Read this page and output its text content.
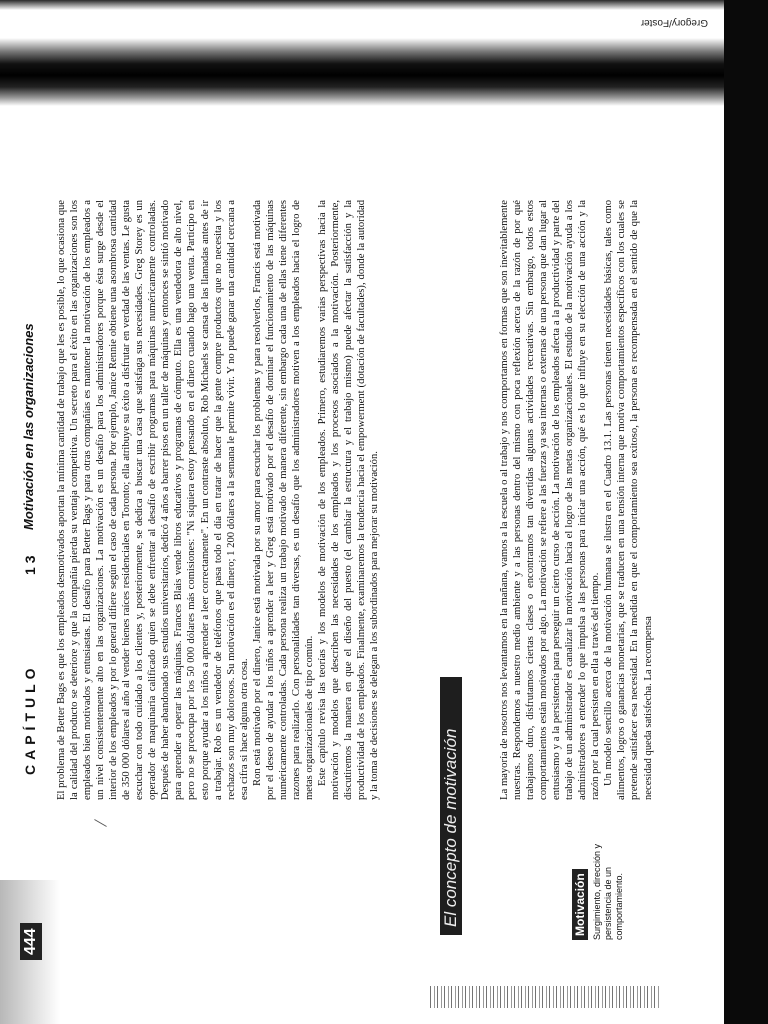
Gregory/Foster
444
CAPÍTULO
13
Motivación en las organizaciones El problema de Better Bags es que los empleados desmotivados aportan la mínima cantidad de trabajo que les es posible, lo que ocasiona que la calidad del producto se deteriore y que la compañía pierda su ventaja competitiva. Un secreto para el éxito en las organizaciones son los empleados bien motivados y entusiastas. El desafío para Better Bags y para otras compañías es mantener la motivación de los empleados a un nivel consistentemente alto en las organizaciones. La motivación es un desafío para los administradores porque ésta surge desde el interior de los empleados y por lo general difiere según el caso de cada persona. Por ejemplo, Janice Rennie obtiene una asombrosa cantidad de 350 000 dólares al año al vender bienes raíces residenciales en Toronto; ella atribuye su éxito a disfrutar en verdad de las ventas. Le gusta escuchar con todo cuidado a los clientes y, posteriormente, se dedica a buscar una casa que satisfaga sus necesidades. Greg Storey es un operador de maquinaria calificado quien se debe enfrentar al desafío de escribir programas para máquinas numéricamente controladas. Después de haber abandonado sus estudios universitarios, dedicó 4 años a barrer pisos en un taller de máquinas y entonces se sintió motivado para aprender a operar las máquinas. Frances Blais vende libros educativos y programas de cómputo. Ella es una vendedora de alto nivel, pero no se preocupa por los 50 000 dólares más comisiones: "Ni siquiera estoy pensando en el dinero cuando hago una venta. Participo en esto porque ayudar a los niños a aprender a leer correctamente". En un contraste absoluto, Rob Michaels se cansa de las llamadas antes de ir a trabajar. Rob es un vendedor de teléfonos que pasa todo el día en tratar de hacer que la gente compre productos que no necesita y los rechazos son muy dolorosos. Su motivación es el dinero; 1 200 dólares a la semana le permite vivir. Y no puede ganar una cantidad cercana a esa cifra si hace alguna otra cosa. Ron está motivado por el dinero, Janice está motivada por su amor para escuchar los problemas y para resolverlos, Francis está motivada por el deseo de ayudar a los niños a aprender a leer y Greg está motivado por el desafío de dominar el funcionamiento de las máquinas numéricamente controladas. Cada persona realiza un trabajo motivado de manera diferente, sin embargo cada una de ellas tiene diferentes razones para realizarlo. Con personalidades tan diversas, es un desafío que los administradores motiven a los empleados hacia el logro de metas organizacionales de tipo común. Este capítulo revisa las teorías y los modelos de motivación de los empleados. Primero, estudiaremos varias perspectivas hacia la motivación y modelos que describen las necesidades de los empleados y los procesos asociados a la motivación. Posteriormente, discutiremos la manera en que el diseño del puesto (el cambiar la estructura y el trabajo mismo) puede afectar la satisfacción y la productividad de los empleados. Finalmente, examinaremos la tendencia hacia el empowerment (dotación de facultades), donde la autoridad y la toma de decisiones se delegan a los subordinados para mejorar su motivación.

El concepto de motivación	Motivación Surgimiento, dirección y persistencia de un comportamiento.

La mayoría de nosotros nos levantamos en la mañana, vamos a la escuela o al trabajo y nos comportamos en formas que son inevitablemente nuestras. Respondemos a nuestro medio ambiente y a las personas dentro del mismo con poca reflexión acerca de la razón de por qué trabajamos duro, disfrutamos ciertas clases o encontramos tan divertidas algunas actividades recreativas. Sin embargo, todos estos comportamientos están motivados por algo. La motivación se refiere a las fuerzas ya sea internas o externas de una persona que dan lugar al entusiasmo y a la persistencia para perseguir un cierto curso de acción. La motivación de los empleados afecta a la productividad y parte del trabajo de un administrador es canalizar la motivación hacia el logro de las metas organizacionales. El estudio de la motivación ayuda a los administradores a entender lo que impulsa a las personas para iniciar una acción, qué es lo que influye en su elección de una acción y la razón por la cual persisten en ella a través del tiempo. Un modelo sencillo acerca de la motivación humana se ilustra en el Cuadro 13.1. Las personas tienen necesidades básicas, tales como alimentos, logros o ganancias monetarias, que se traducen en una tensión interna que motiva comportamientos específicos con los cuales se pretende satisfacer esa necesidad. En la medida en que el comportamiento sea exitoso, la persona es recompensada en el sentido de que la necesidad queda satisfecha. La recompensa
